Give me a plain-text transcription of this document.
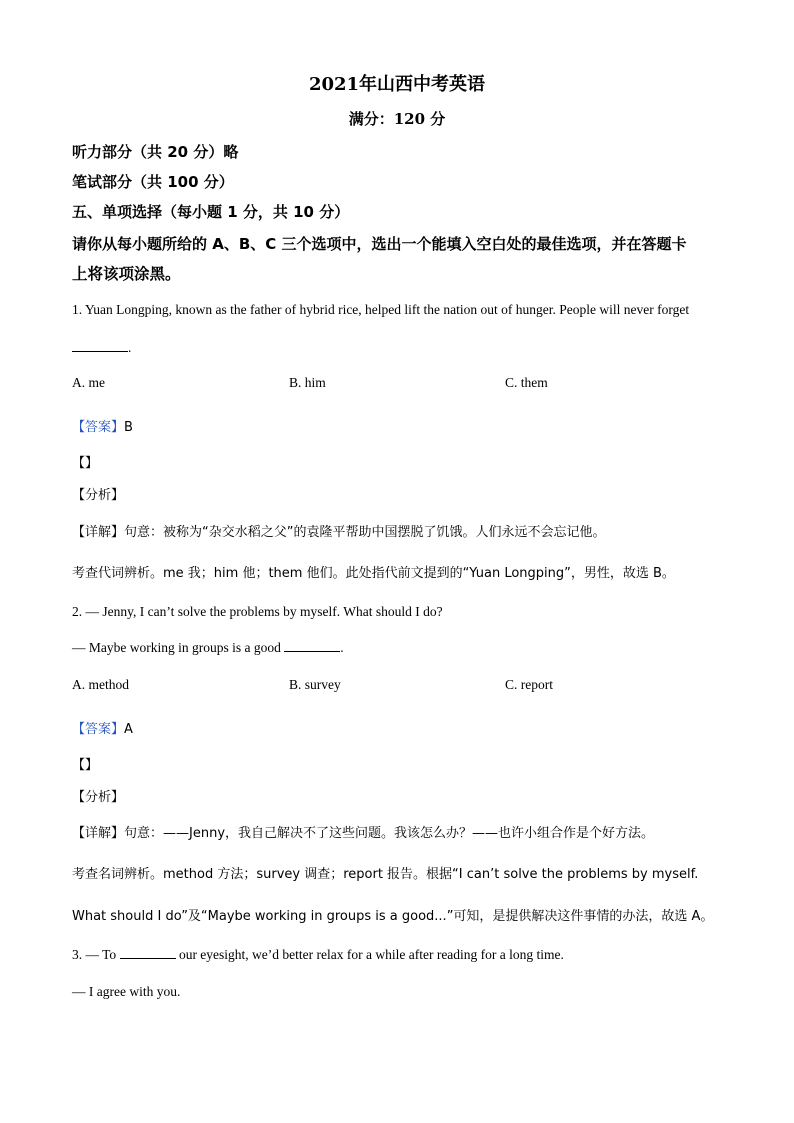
2021年山西中考英语
满分：120 分
听力部分（共 20 分）略
笔试部分（共 100 分）
五、单项选择（每小题 1 分，共 10 分）
请你从每小题所给的 A、B、C 三个选项中，选出一个能填入空白处的最佳选项，并在答题卡
上将该项涂黑。
1. Yuan Longping, known as the father of hybrid rice, helped lift the nation out of hunger. People will never forget
.
A. me	B. him	C. them
【答案】B
【】
【分析】
【详解】句意：被称为“杂交水稻之父”的袁隆平帮助中国摆脱了饥饿。人们永远不会忘记他。
考查代词辨析。me 我；him 他；them 他们。此处指代前文提到的“Yuan Longping”，男性，故选 B。
2. — Jenny, I can’t solve the problems by myself. What should I do?
— Maybe working in groups is a good	.
A. method	B. survey	C. report
【答案】A
【】
【分析】
【详解】句意：——Jenny，我自己解决不了这些问题。我该怎么办？——也许小组合作是个好方法。
考查名词辨析。method 方法；survey 调查；report 报告。根据“I can’t solve the problems by myself.
What should I do”及“Maybe working in groups is a good...”可知，是提供解决这件事情的办法，故选 A。
3. — To	our eyesight, we’d better relax for a while after reading for a long time.
— I agree with you.
